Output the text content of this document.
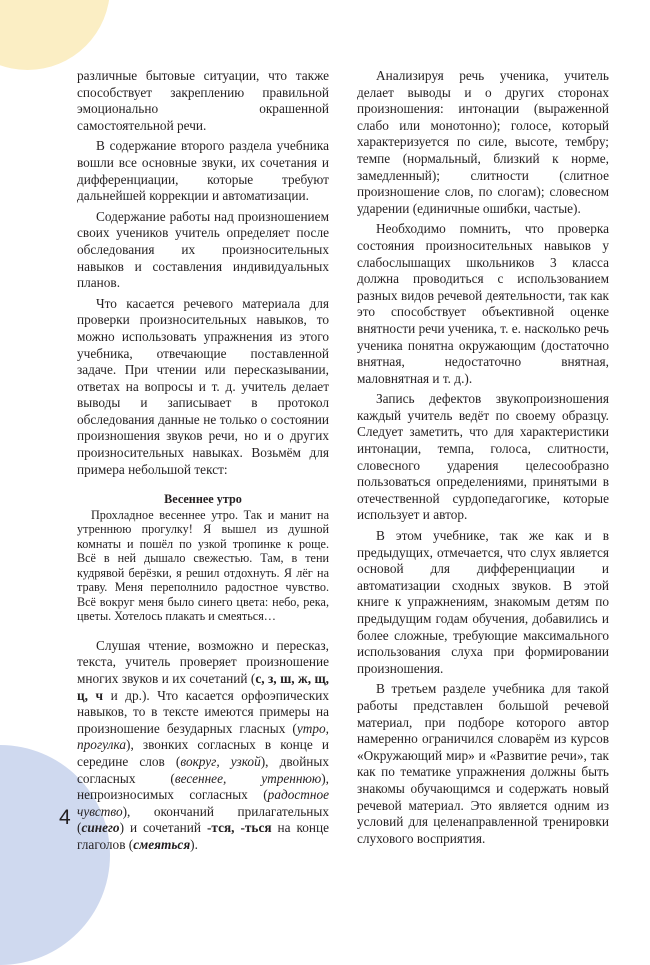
различные бытовые ситуации, что также способствует закреплению правильной эмоционально окрашенной самостоятельной речи.

В содержание второго раздела учебника вошли все основные звуки, их сочетания и дифференциации, которые требуют дальнейшей коррекции и автоматизации.

Содержание работы над произношением своих учеников учитель определяет после обследования их произносительных навыков и составления индивидуальных планов.

Что касается речевого материала для проверки произносительных навыков, то можно использовать упражнения из этого учебника, отвечающие поставленной задаче. При чтении или пересказывании, ответах на вопросы и т. д. учитель делает выводы и записывает в протокол обследования данные не только о состоянии произношения звуков речи, но и о других произносительных навыках. Возьмём для примера небольшой текст:

Весеннее утро
Прохладное весеннее утро. Так и манит на утреннюю прогулку! Я вышел из душной комнаты и пошёл по узкой тропинке к роще. Всё в ней дышало свежестью. Там, в тени кудрявой берёзки, я решил отдохнуть. Я лёг на траву. Меня переполнило радостное чувство. Всё вокруг меня было синего цвета: небо, река, цветы. Хотелось плакать и смеяться…

Слушая чтение, возможно и пересказ, текста, учитель проверяет произношение многих звуков и их сочетаний (с, з, ш, ж, щ, ц, ч и др.). Что касается орфоэпических навыков, то в тексте имеются примеры на произношение безударных гласных (утро, прогулка), звонких согласных в конце и середине слов (вокруг, узкой), двойных согласных (весеннее, утреннюю), непроизносимых согласных (радостное чувство), окончаний прилагательных (синего) и сочетаний -тся, -ться на конце глаголов (смеяться).

Анализируя речь ученика, учитель делает выводы и о других сторонах произношения: интонации (выраженной слабо или монотонно); голосе, который характеризуется по силе, высоте, тембру; темпе (нормальный, близкий к норме, замедленный); слитности (слитное произношение слов, по слогам); словесном ударении (единичные ошибки, частые).

Необходимо помнить, что проверка состояния произносительных навыков у слабослышащих школьников 3 класса должна проводиться с использованием разных видов речевой деятельности, так как это способствует объективной оценке внятности речи ученика, т. е. насколько речь ученика понятна окружающим (достаточно внятная, недостаточно внятная, маловнятная и т. д.).

Запись дефектов звукопроизношения каждый учитель ведёт по своему образцу. Следует заметить, что для характеристики интонации, темпа, голоса, слитности, словесного ударения целесообразно пользоваться определениями, принятыми в отечественной сурдопедагогике, которые использует и автор.

В этом учебнике, так же как и в предыдущих, отмечается, что слух является основой для дифференциации и автоматизации сходных звуков. В этой книге к упражнениям, знакомым детям по предыдущим годам обучения, добавились и более сложные, требующие максимального использования слуха при формировании произношения.

В третьем разделе учебника для такой работы представлен большой речевой материал, при подборе которого автор намеренно ограничился словарём из курсов «Окружающий мир» и «Развитие речи», так как по тематике упражнения должны быть знакомы обучающимся и содержать новый речевой материал. Это является одним из условий для целенаправленной тренировки слухового восприятия.

4
